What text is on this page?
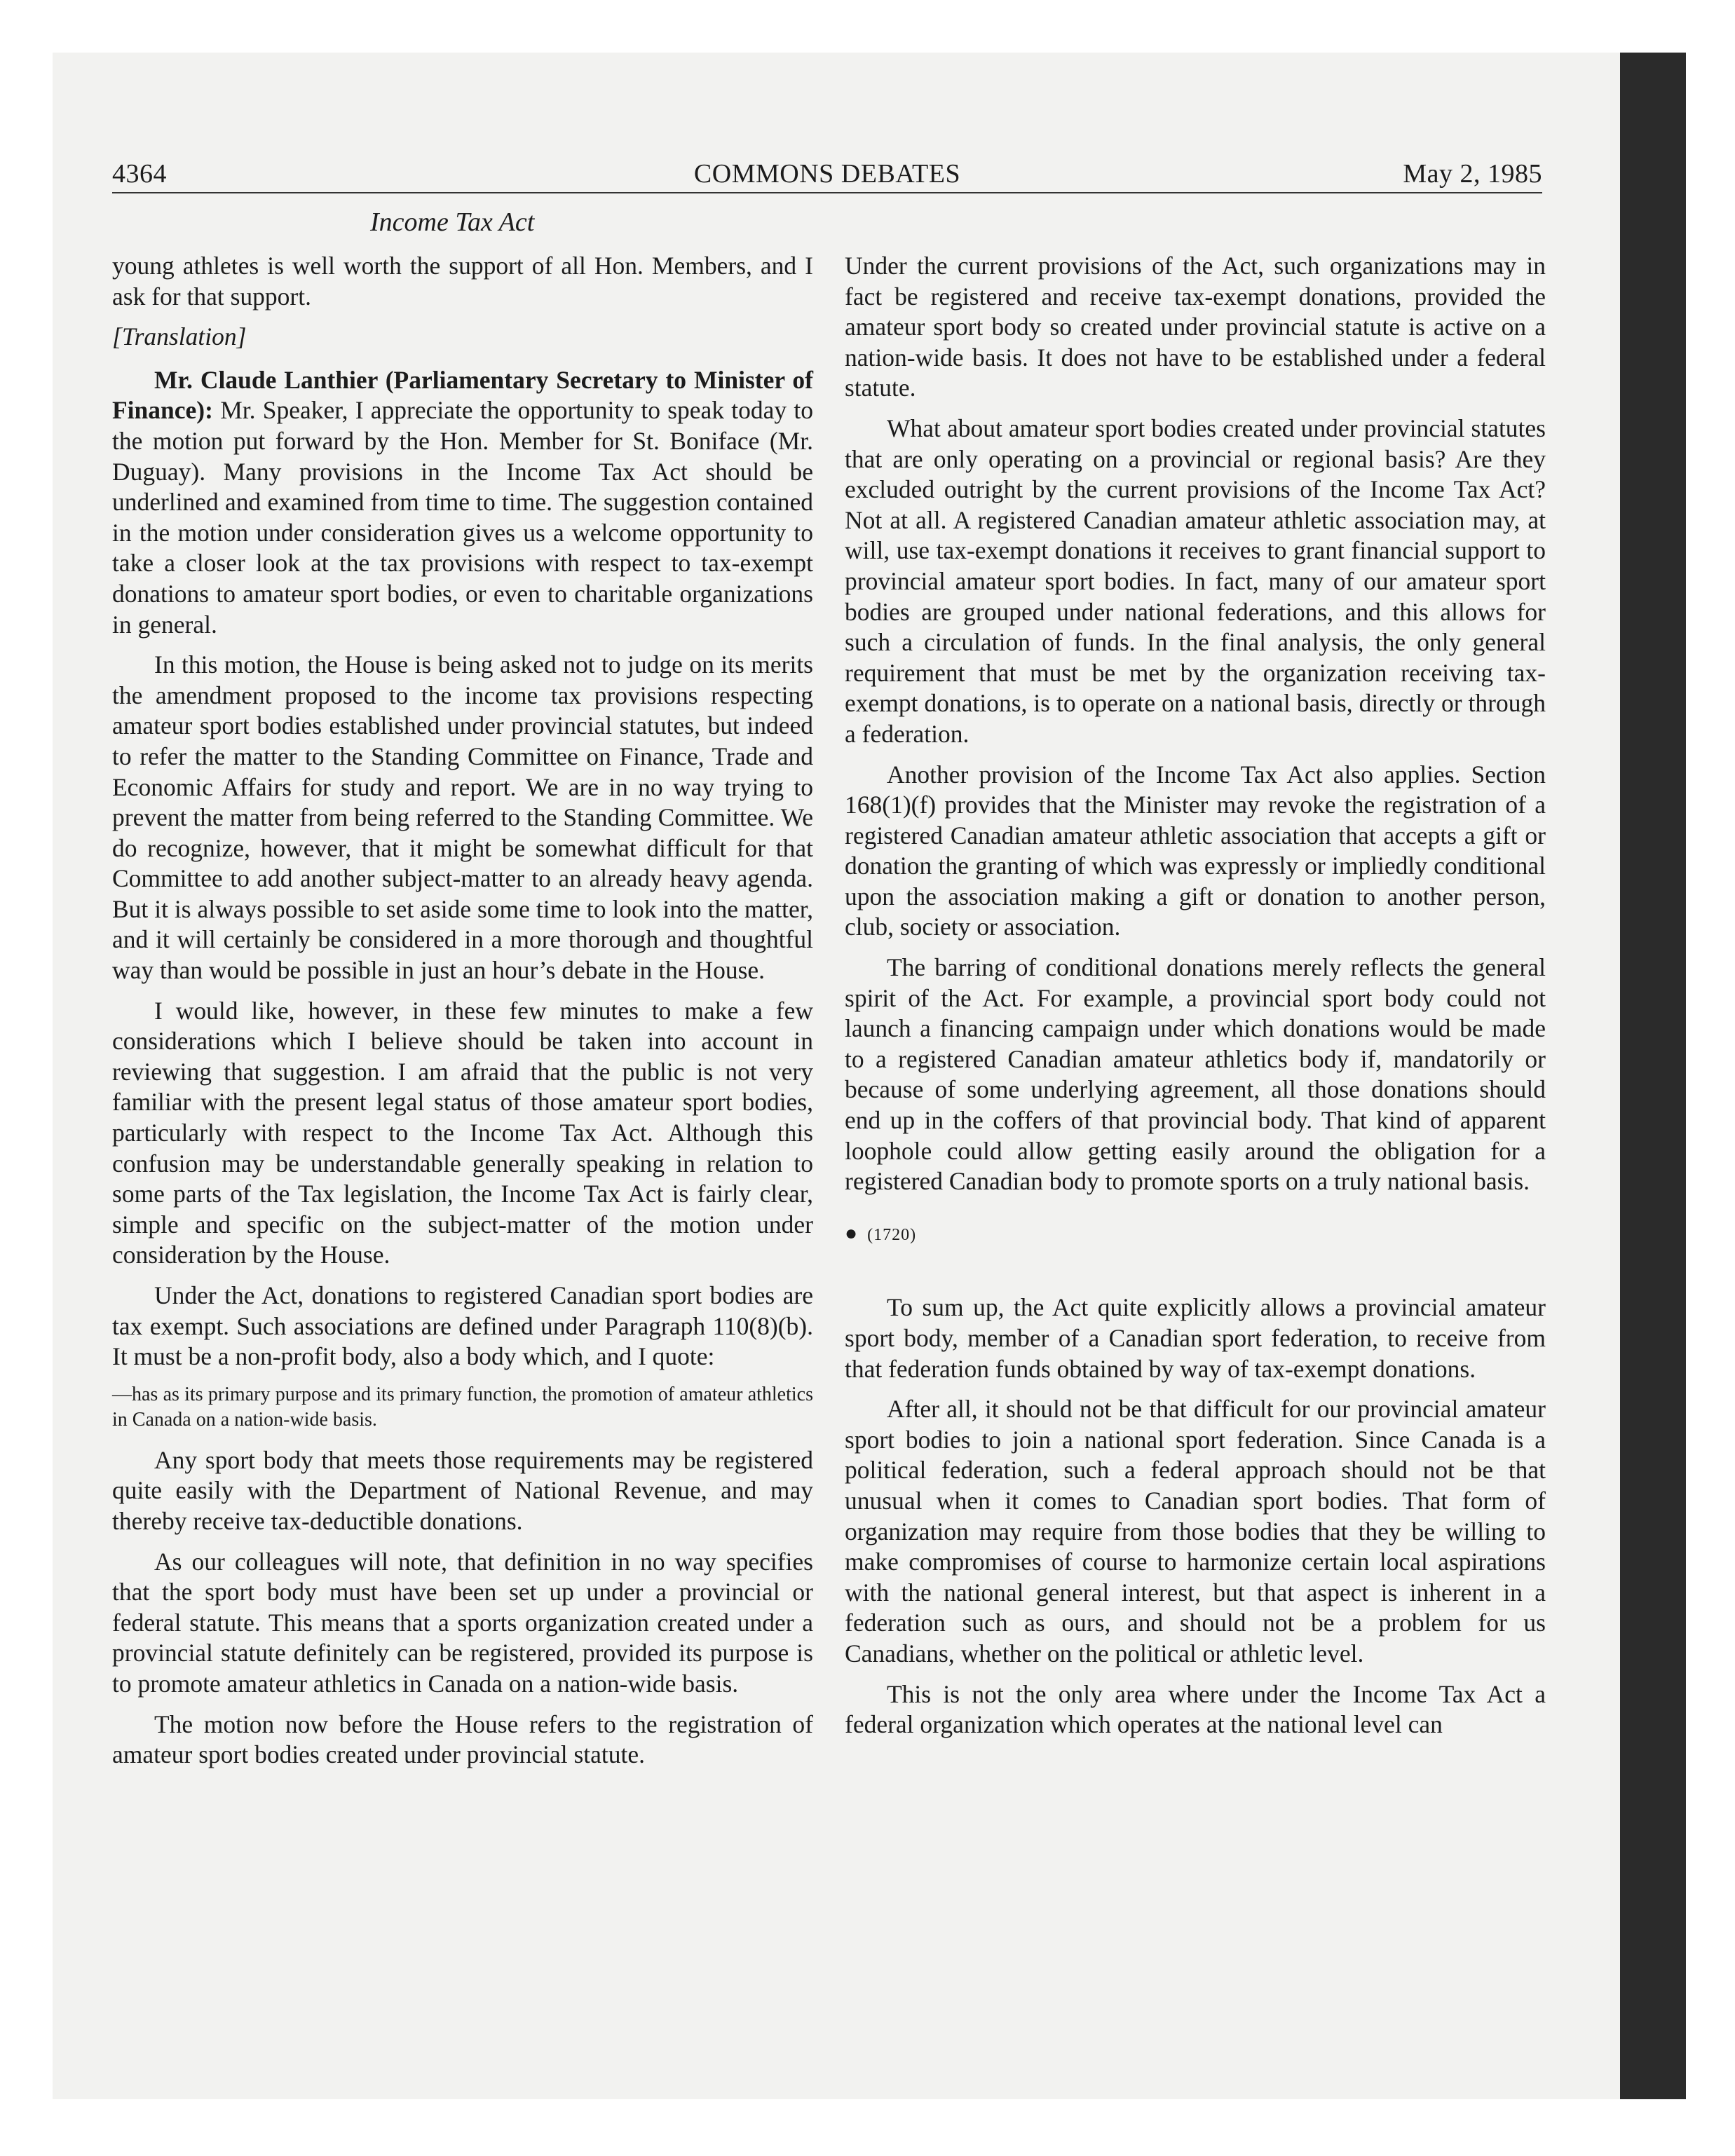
4364	COMMONS DEBATES	May 2, 1985
Income Tax Act

young athletes is well worth the support of all Hon. Members, and I ask for that support.

[Translation]

Mr. Claude Lanthier (Parliamentary Secretary to Minister of Finance): Mr. Speaker, I appreciate the opportunity to speak today to the motion put forward by the Hon. Member for St. Boniface (Mr. Duguay). Many provisions in the Income Tax Act should be underlined and examined from time to time. The suggestion contained in the motion under consideration gives us a welcome opportunity to take a closer look at the tax provisions with respect to tax-exempt donations to amateur sport bodies, or even to charitable organizations in general.

In this motion, the House is being asked not to judge on its merits the amendment proposed to the income tax provisions respecting amateur sport bodies established under provincial statutes, but indeed to refer the matter to the Standing Committee on Finance, Trade and Economic Affairs for study and report. We are in no way trying to prevent the matter from being referred to the Standing Committee. We do recognize, however, that it might be somewhat difficult for that Committee to add another subject-matter to an already heavy agenda. But it is always possible to set aside some time to look into the matter, and it will certainly be considered in a more thorough and thoughtful way than would be possible in just an hour’s debate in the House.

I would like, however, in these few minutes to make a few considerations which I believe should be taken into account in reviewing that suggestion. I am afraid that the public is not very familiar with the present legal status of those amateur sport bodies, particularly with respect to the Income Tax Act. Although this confusion may be understandable generally speaking in relation to some parts of the Tax legislation, the Income Tax Act is fairly clear, simple and specific on the subject-matter of the motion under consideration by the House.

Under the Act, donations to registered Canadian sport bodies are tax exempt. Such associations are defined under Paragraph 110(8)(b). It must be a non-profit body, also a body which, and I quote:

—has as its primary purpose and its primary function, the promotion of amateur athletics in Canada on a nation-wide basis.

Any sport body that meets those requirements may be registered quite easily with the Department of National Revenue, and may thereby receive tax-deductible donations.

As our colleagues will note, that definition in no way specifies that the sport body must have been set up under a provincial or federal statute. This means that a sports organization created under a provincial statute definitely can be registered, provided its purpose is to promote amateur athletics in Canada on a nation-wide basis.

The motion now before the House refers to the registration of amateur sport bodies created under provincial statute.

Under the current provisions of the Act, such organizations may in fact be registered and receive tax-exempt donations, provided the amateur sport body so created under provincial statute is active on a nation-wide basis. It does not have to be established under a federal statute.

What about amateur sport bodies created under provincial statutes that are only operating on a provincial or regional basis? Are they excluded outright by the current provisions of the Income Tax Act? Not at all. A registered Canadian amateur athletic association may, at will, use tax-exempt donations it receives to grant financial support to provincial amateur sport bodies. In fact, many of our amateur sport bodies are grouped under national federations, and this allows for such a circulation of funds. In the final analysis, the only general requirement that must be met by the organization receiving tax-exempt donations, is to operate on a national basis, directly or through a federation.

Another provision of the Income Tax Act also applies. Section 168(1)(f) provides that the Minister may revoke the registration of a registered Canadian amateur athletic association that accepts a gift or donation the granting of which was expressly or impliedly conditional upon the association making a gift or donation to another person, club, society or association.

The barring of conditional donations merely reflects the general spirit of the Act. For example, a provincial sport body could not launch a financing campaign under which donations would be made to a registered Canadian amateur athletics body if, mandatorily or because of some underlying agreement, all those donations should end up in the coffers of that provincial body. That kind of apparent loophole could allow getting easily around the obligation for a registered Canadian body to promote sports on a truly national basis.

● (1720)

To sum up, the Act quite explicitly allows a provincial amateur sport body, member of a Canadian sport federation, to receive from that federation funds obtained by way of tax-exempt donations.

After all, it should not be that difficult for our provincial amateur sport bodies to join a national sport federation. Since Canada is a political federation, such a federal approach should not be that unusual when it comes to Canadian sport bodies. That form of organization may require from those bodies that they be willing to make compromises of course to harmonize certain local aspirations with the national general interest, but that aspect is inherent in a federation such as ours, and should not be a problem for us Canadians, whether on the political or athletic level.

This is not the only area where under the Income Tax Act a federal organization which operates at the national level can
